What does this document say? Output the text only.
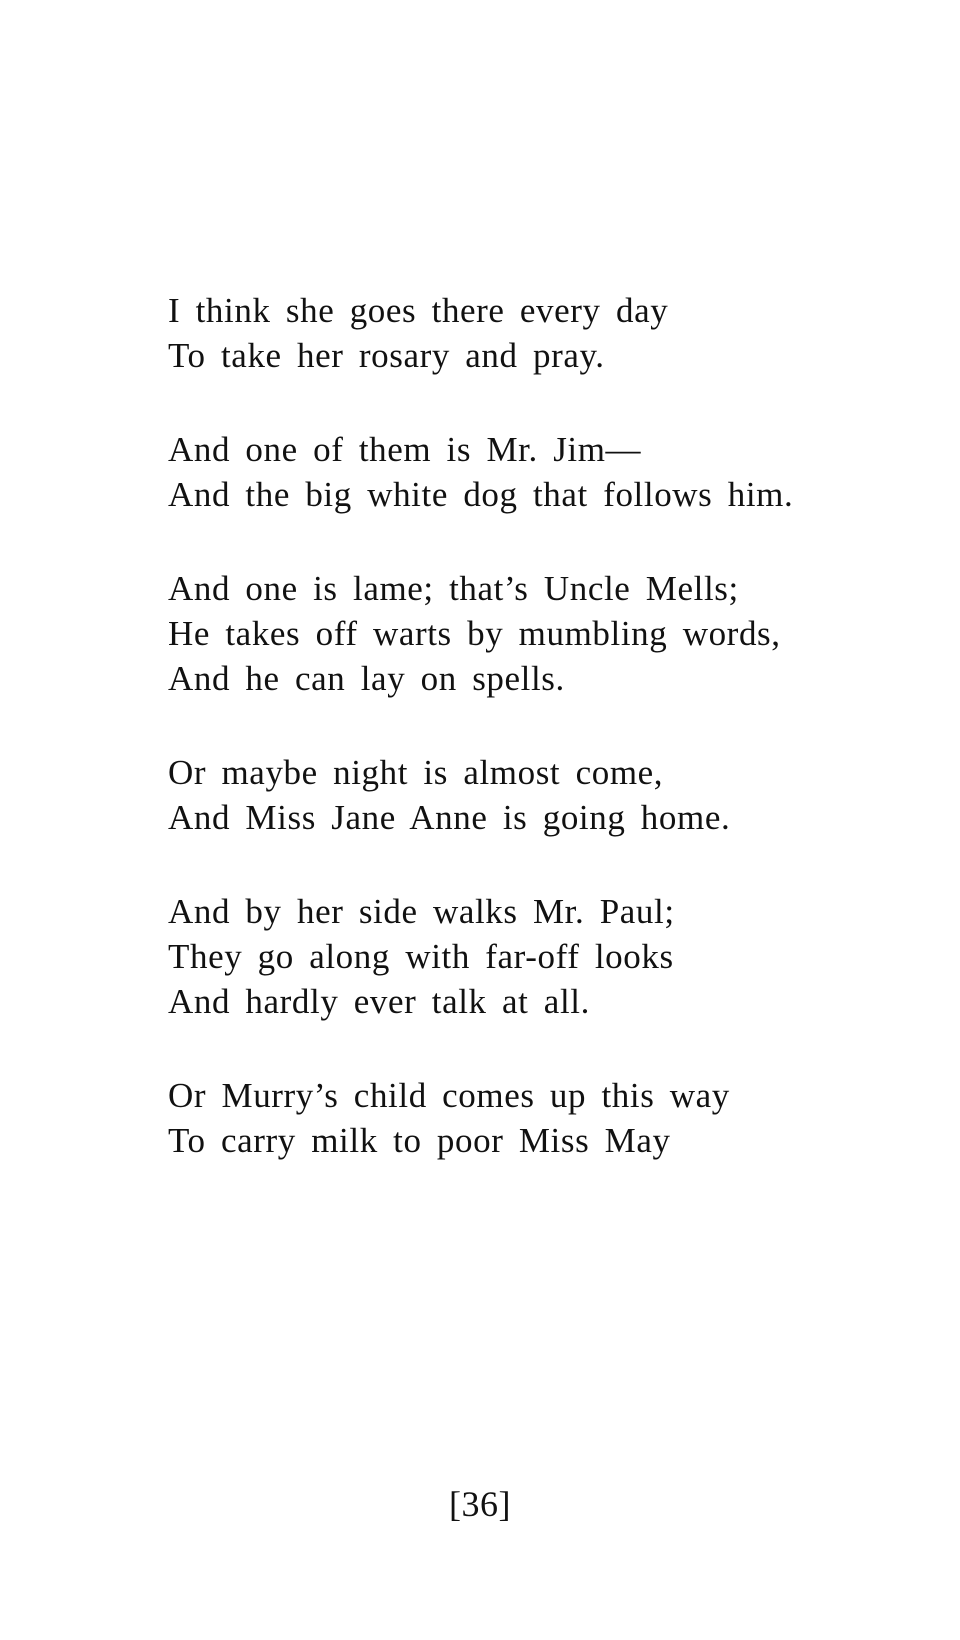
I think she goes there every day
To take her rosary and pray.
And one of them is Mr. Jim—
And the big white dog that follows him.
And one is lame; that’s Uncle Mells;
He takes off warts by mumbling words,
And he can lay on spells.
Or maybe night is almost come,
And Miss Jane Anne is going home.
And by her side walks Mr. Paul;
They go along with far-off looks
And hardly ever talk at all.
Or Murry’s child comes up this way
To carry milk to poor Miss May
[36]
